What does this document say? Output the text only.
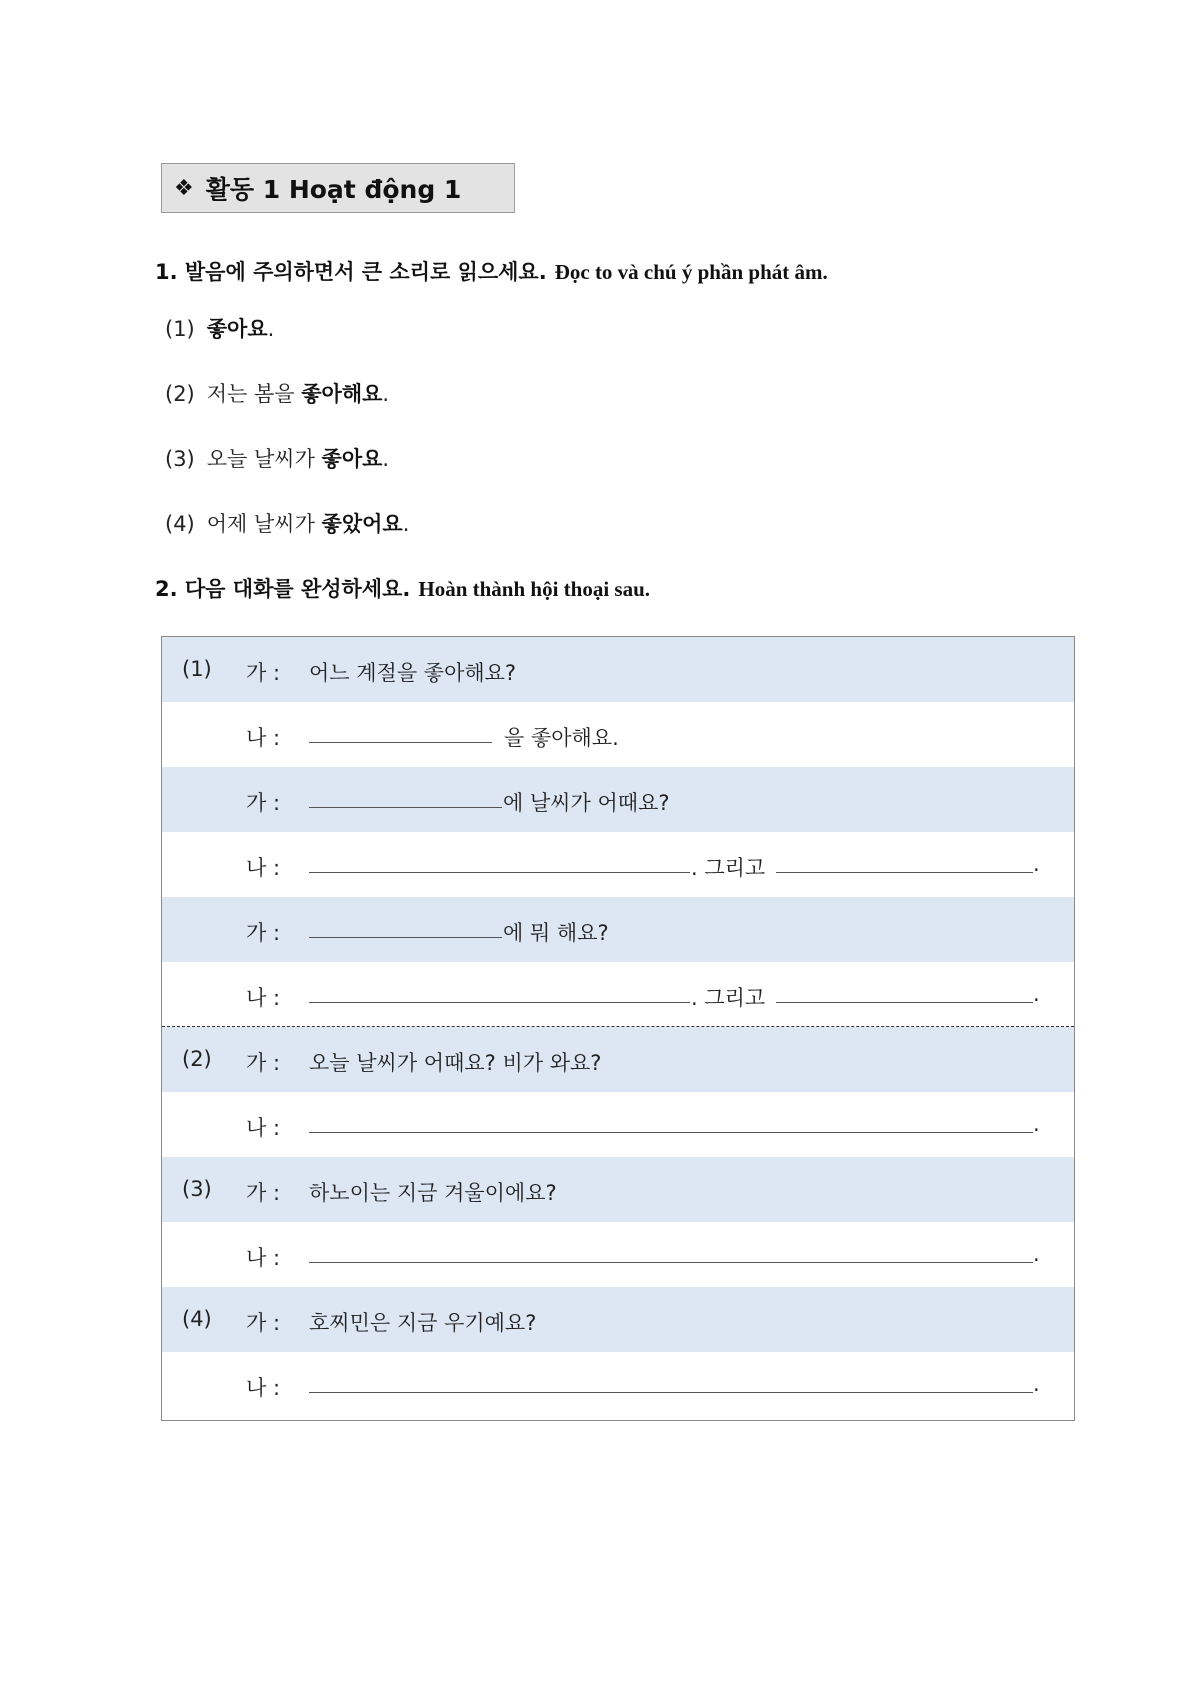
❖ 활동 1 Hoạt động 1
1. 발음에 주의하면서 큰 소리로 읽으세요. Đọc to và chú ý phần phát âm.
(1) 좋아요.
(2) 저는 봄을 좋아해요.
(3) 오늘 날씨가 좋아요.
(4) 어제 날씨가 좋았어요.
2. 다음 대화를 완성하세요. Hoàn thành hội thoại sau.
(1) 가 : 어느 계절을 좋아해요?
나 :	을 좋아해요.
가 :	에 날씨가 어때요?
나 :	. 그리고	.
가 :	에 뭐 해요?
나 :	. 그리고	.
(2) 가 : 오늘 날씨가 어때요? 비가 와요?
나 :	.
(3) 가 : 하노이는 지금 겨울이에요?
나 :	.
(4) 가 : 호찌민은 지금 우기예요?
나 :	.
